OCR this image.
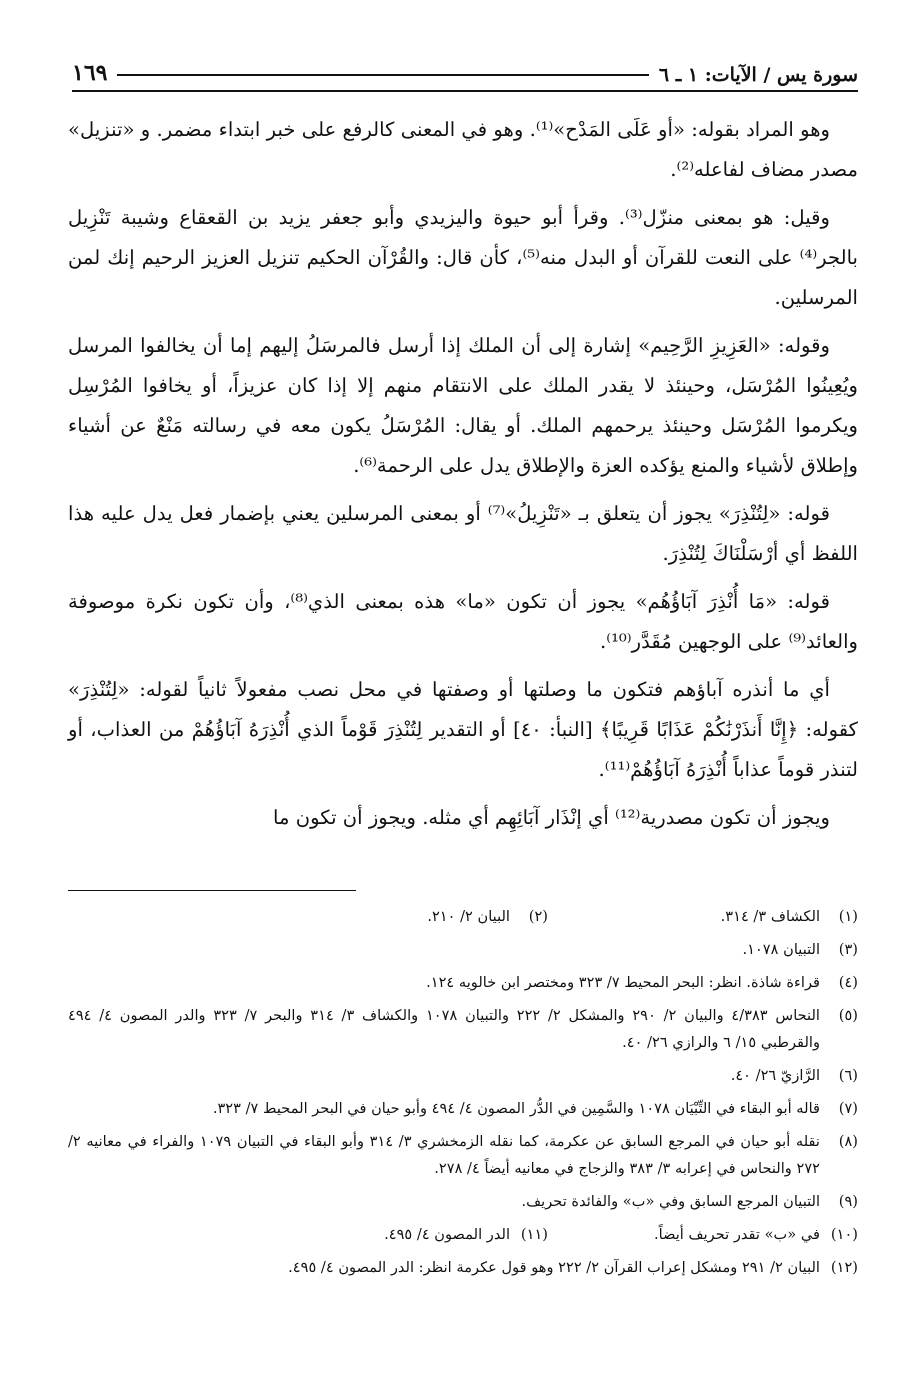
سورة يس / الآيات: ١ ـ ٦
١٦٩

وهو المراد بقوله: «أو عَلَى المَدْح»⁽¹⁾. وهو في المعنى كالرفع على خبر ابتداء مضمر. و «تنزيل» مصدر مضاف لفاعله⁽²⁾.

وقيل: هو بمعنى منزّل⁽³⁾. وقرأ أبو حيوة واليزيدي وأبو جعفر يزيد بن القعقاع وشيبة تَنْزِيل بالجر⁽⁴⁾ على النعت للقرآن أو البدل منه⁽⁵⁾، كأن قال: والقُرْآن الحكيم تنزيل العزيز الرحيم إنك لمن المرسلين.

وقوله: «العَزِيزِ الرَّحِيم» إشارة إلى أن الملك إذا أرسل فالمرسَلُ إليهم إما أن يخالفوا المرسل ويُعِينُوا المُرْسَل، وحينئذ لا يقدر الملك على الانتقام منهم إلا إذا كان عزيزاً، أو يخافوا المُرْسِل ويكرموا المُرْسَل وحينئذ يرحمهم الملك. أو يقال: المُرْسَلُ يكون معه في رسالته مَنْعٌ عن أشياء وإطلاق لأشياء والمنع يؤكده العزة والإطلاق يدل على الرحمة⁽⁶⁾.

قوله: «لِتُنْذِرَ» يجوز أن يتعلق بـ «تَنْزِيلُ»⁽⁷⁾ أو بمعنى المرسلين يعني بإضمار فعل يدل عليه هذا اللفظ أي أرْسَلْنَاكَ لِتُنْذِرَ.

قوله: «مَا أُنْذِرَ آبَاؤُهُم» يجوز أن تكون «ما» هذه بمعنى الذي⁽⁸⁾، وأن تكون نكرة موصوفة والعائد⁽⁹⁾ على الوجهين مُقَدَّر⁽¹⁰⁾.

أي ما أنذره آباؤهم فتكون ما وصلتها أو وصفتها في محل نصب مفعولاً ثانياً لقوله: «لِتُنْذِرَ» كقوله: ﴿إِنَّا أَنذَرْنَٰكُمْ عَذَابًا قَرِيبًا﴾ [النبأ: ٤٠] أو التقدير لِتُنْذِرَ قَوْماً الذي أُنْذِرَهُ آبَاؤُهُمْ من العذاب، أو لتنذر قوماً عذاباً أُنْذِرَهُ آبَاؤُهُمْ⁽¹¹⁾.

ويجوز أن تكون مصدرية⁽¹²⁾ أي إنْذَار آبَائِهِم أي مثله. ويجوز أن تكون ما

(١)
الكشاف ٣/ ٣١٤.
(٢)
البيان ٢/ ٢١٠.
(٣)
التبيان ١٠٧٨.
(٤)
قراءة شاذة. انظر: البحر المحيط ٧/ ٣٢٣ ومختصر ابن خالويه ١٢٤.
(٥)
النحاس ٤/٣٨٣ والبيان ٢/ ٢٩٠ والمشكل ٢/ ٢٢٢ والتبيان ١٠٧٨ والكشاف ٣/ ٣١٤ والبحر ٧/ ٣٢٣ والدر المصون ٤/ ٤٩٤ والقرطبي ١٥/ ٦ والرازي ٢٦/ ٤٠.
(٦)
الرَّازيّ ٢٦/ ٤٠.
(٧)
قاله أبو البقاء في التِّبْيَان ١٠٧٨ والسَّمِين في الدُّر المصون ٤/ ٤٩٤ وأبو حيان في البحر المحيط ٧/ ٣٢٣.
(٨)
نقله أبو حيان في المرجع السابق عن عكرمة، كما نقله الزمخشري ٣/ ٣١٤ وأبو البقاء في التبيان ١٠٧٩ والفراء في معانيه ٢/ ٢٧٢ والنحاس في إعرابه ٣/ ٣٨٣ والزجاج في معانيه أيضاً ٤/ ٢٧٨.
(٩)
التبيان المرجع السابق وفي «ب» والفائدة تحريف.
(١٠)
في «ب» تقدر تحريف أيضاً.
(١١)
الدر المصون ٤/ ٤٩٥.
(١٢)
البيان ٢/ ٢٩١ ومشكل إعراب القرآن ٢/ ٢٢٢ وهو قول عكرمة انظر: الدر المصون ٤/ ٤٩٥.
